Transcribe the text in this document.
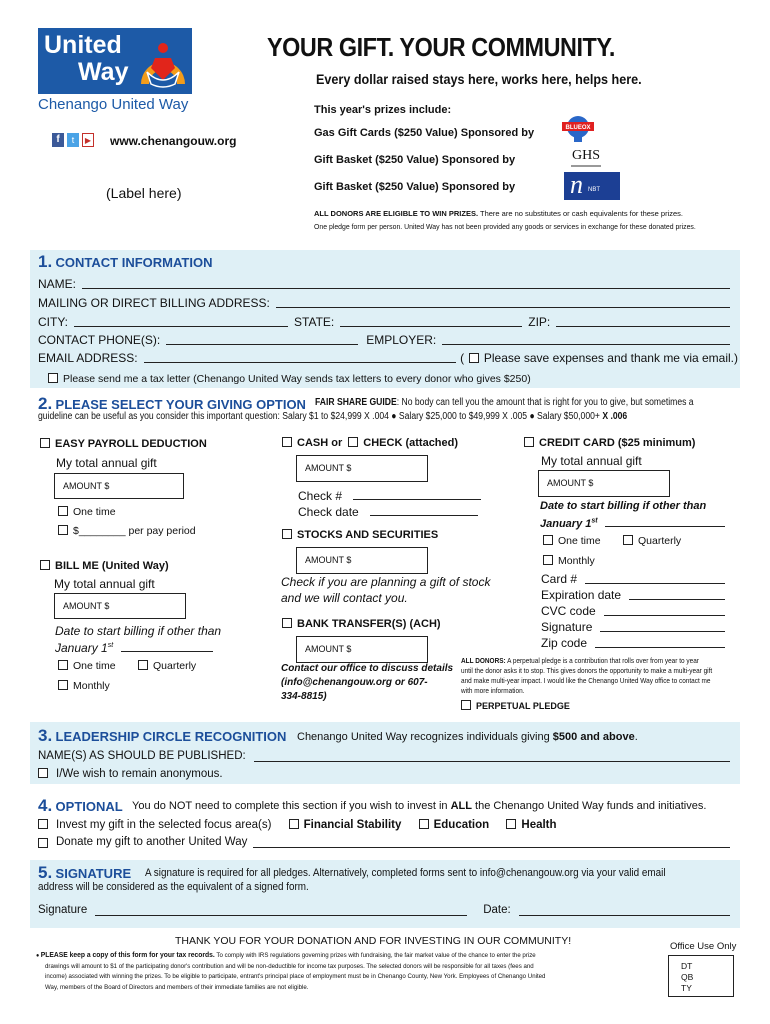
United
Way
Chenango United Way
YOUR GIFT. YOUR COMMUNITY.
Every dollar raised stays here, works here, helps here.
f	t	▶ www.chenangouw.org
(Label here)
This year's prizes include:
Gas Gift Cards ($250 Value) Sponsored by
Gift Basket ($250 Value) Sponsored by
Gift Basket ($250 Value) Sponsored by
BLUEOX
GHS
n NBT
ALL DONORS ARE ELIGIBLE TO WIN PRIZES. There are no substitutes or cash equivalents for these prizes.
One pledge form per person. United Way has not been provided any goods or services in exchange for these donated prizes.
1. CONTACT INFORMATION
NAME:
MAILING OR DIRECT BILLING ADDRESS:
CITY:	STATE:	ZIP:
CONTACT PHONE(S):	EMPLOYER:
EMAIL ADDRESS:	( Please save expenses and thank me via email.)
Please send me a tax letter (Chenango United Way sends tax letters to every donor who gives $250)
2. PLEASE SELECT YOUR GIVING OPTION FAIR SHARE GUIDE: No body can tell you the amount that is right for you to give, but sometimes a
guideline can be useful as you consider this important question: Salary $1 to $24,999 X .004 ● Salary $25,000 to $49,999 X .005 ● Salary $50,000+ X .006
EASY PAYROLL DEDUCTION
My total annual gift
AMOUNT $
One time
$________ per pay period
BILL ME (United Way)
My total annual gift
AMOUNT $
Date to start billing if other than
January 1st
One time	Quarterly
Monthly
CASH or CHECK (attached)
AMOUNT $
Check #
Check date
STOCKS AND SECURITIES
AMOUNT $
Check if you are planning a gift of stock
and we will contact you.
BANK TRANSFER(S) (ACH)
AMOUNT $
Contact our office to discuss details
(info@chenangouw.org or 607-
334-8815)
CREDIT CARD ($25 minimum)
My total annual gift
AMOUNT $
Date to start billing if other than
January 1st
One time	Quarterly
Monthly
Card #
Expiration date
CVC code
Signature
Zip code
ALL DONORS: A perpetual pledge is a contribution that rolls over from year to year
until the donor asks it to stop. This gives donors the opportunity to make a multi-year gift
and make multi-year impact. I would like the Chenango United Way office to contact me
with more information.
PERPETUAL PLEDGE
3. LEADERSHIP CIRCLE RECOGNITION Chenango United Way recognizes individuals giving $500 and above.
NAME(S) AS SHOULD BE PUBLISHED:
I/We wish to remain anonymous.
4. OPTIONAL You do NOT need to complete this section if you wish to invest in ALL the Chenango United Way funds and initiatives.
Invest my gift in the selected focus area(s)	Financial Stability	Education	Health
Donate my gift to another United Way
5. SIGNATURE A signature is required for all pledges. Alternatively, completed forms sent to info@chenangouw.org via your valid email
address will be considered as the equivalent of a signed form.
Signature	Date:
THANK YOU FOR YOUR DONATION AND FOR INVESTING IN OUR COMMUNITY!
● PLEASE keep a copy of this form for your tax records. To comply with IRS regulations governing prizes with fundraising, the fair market value of the chance to enter the prize
drawings will amount to $1 of the participating donor's contribution and will be non-deductible for income tax purposes. The selected donors will be responsible for all taxes (fees and
income) associated with winning the prizes. To be eligible to participate, entrant's principal place of employment must be in Chenango County, New York. Employees of Chenango United
Way, members of the Board of Directors and members of their immediate families are not eligible.
Office Use Only
DT
QB
TY
